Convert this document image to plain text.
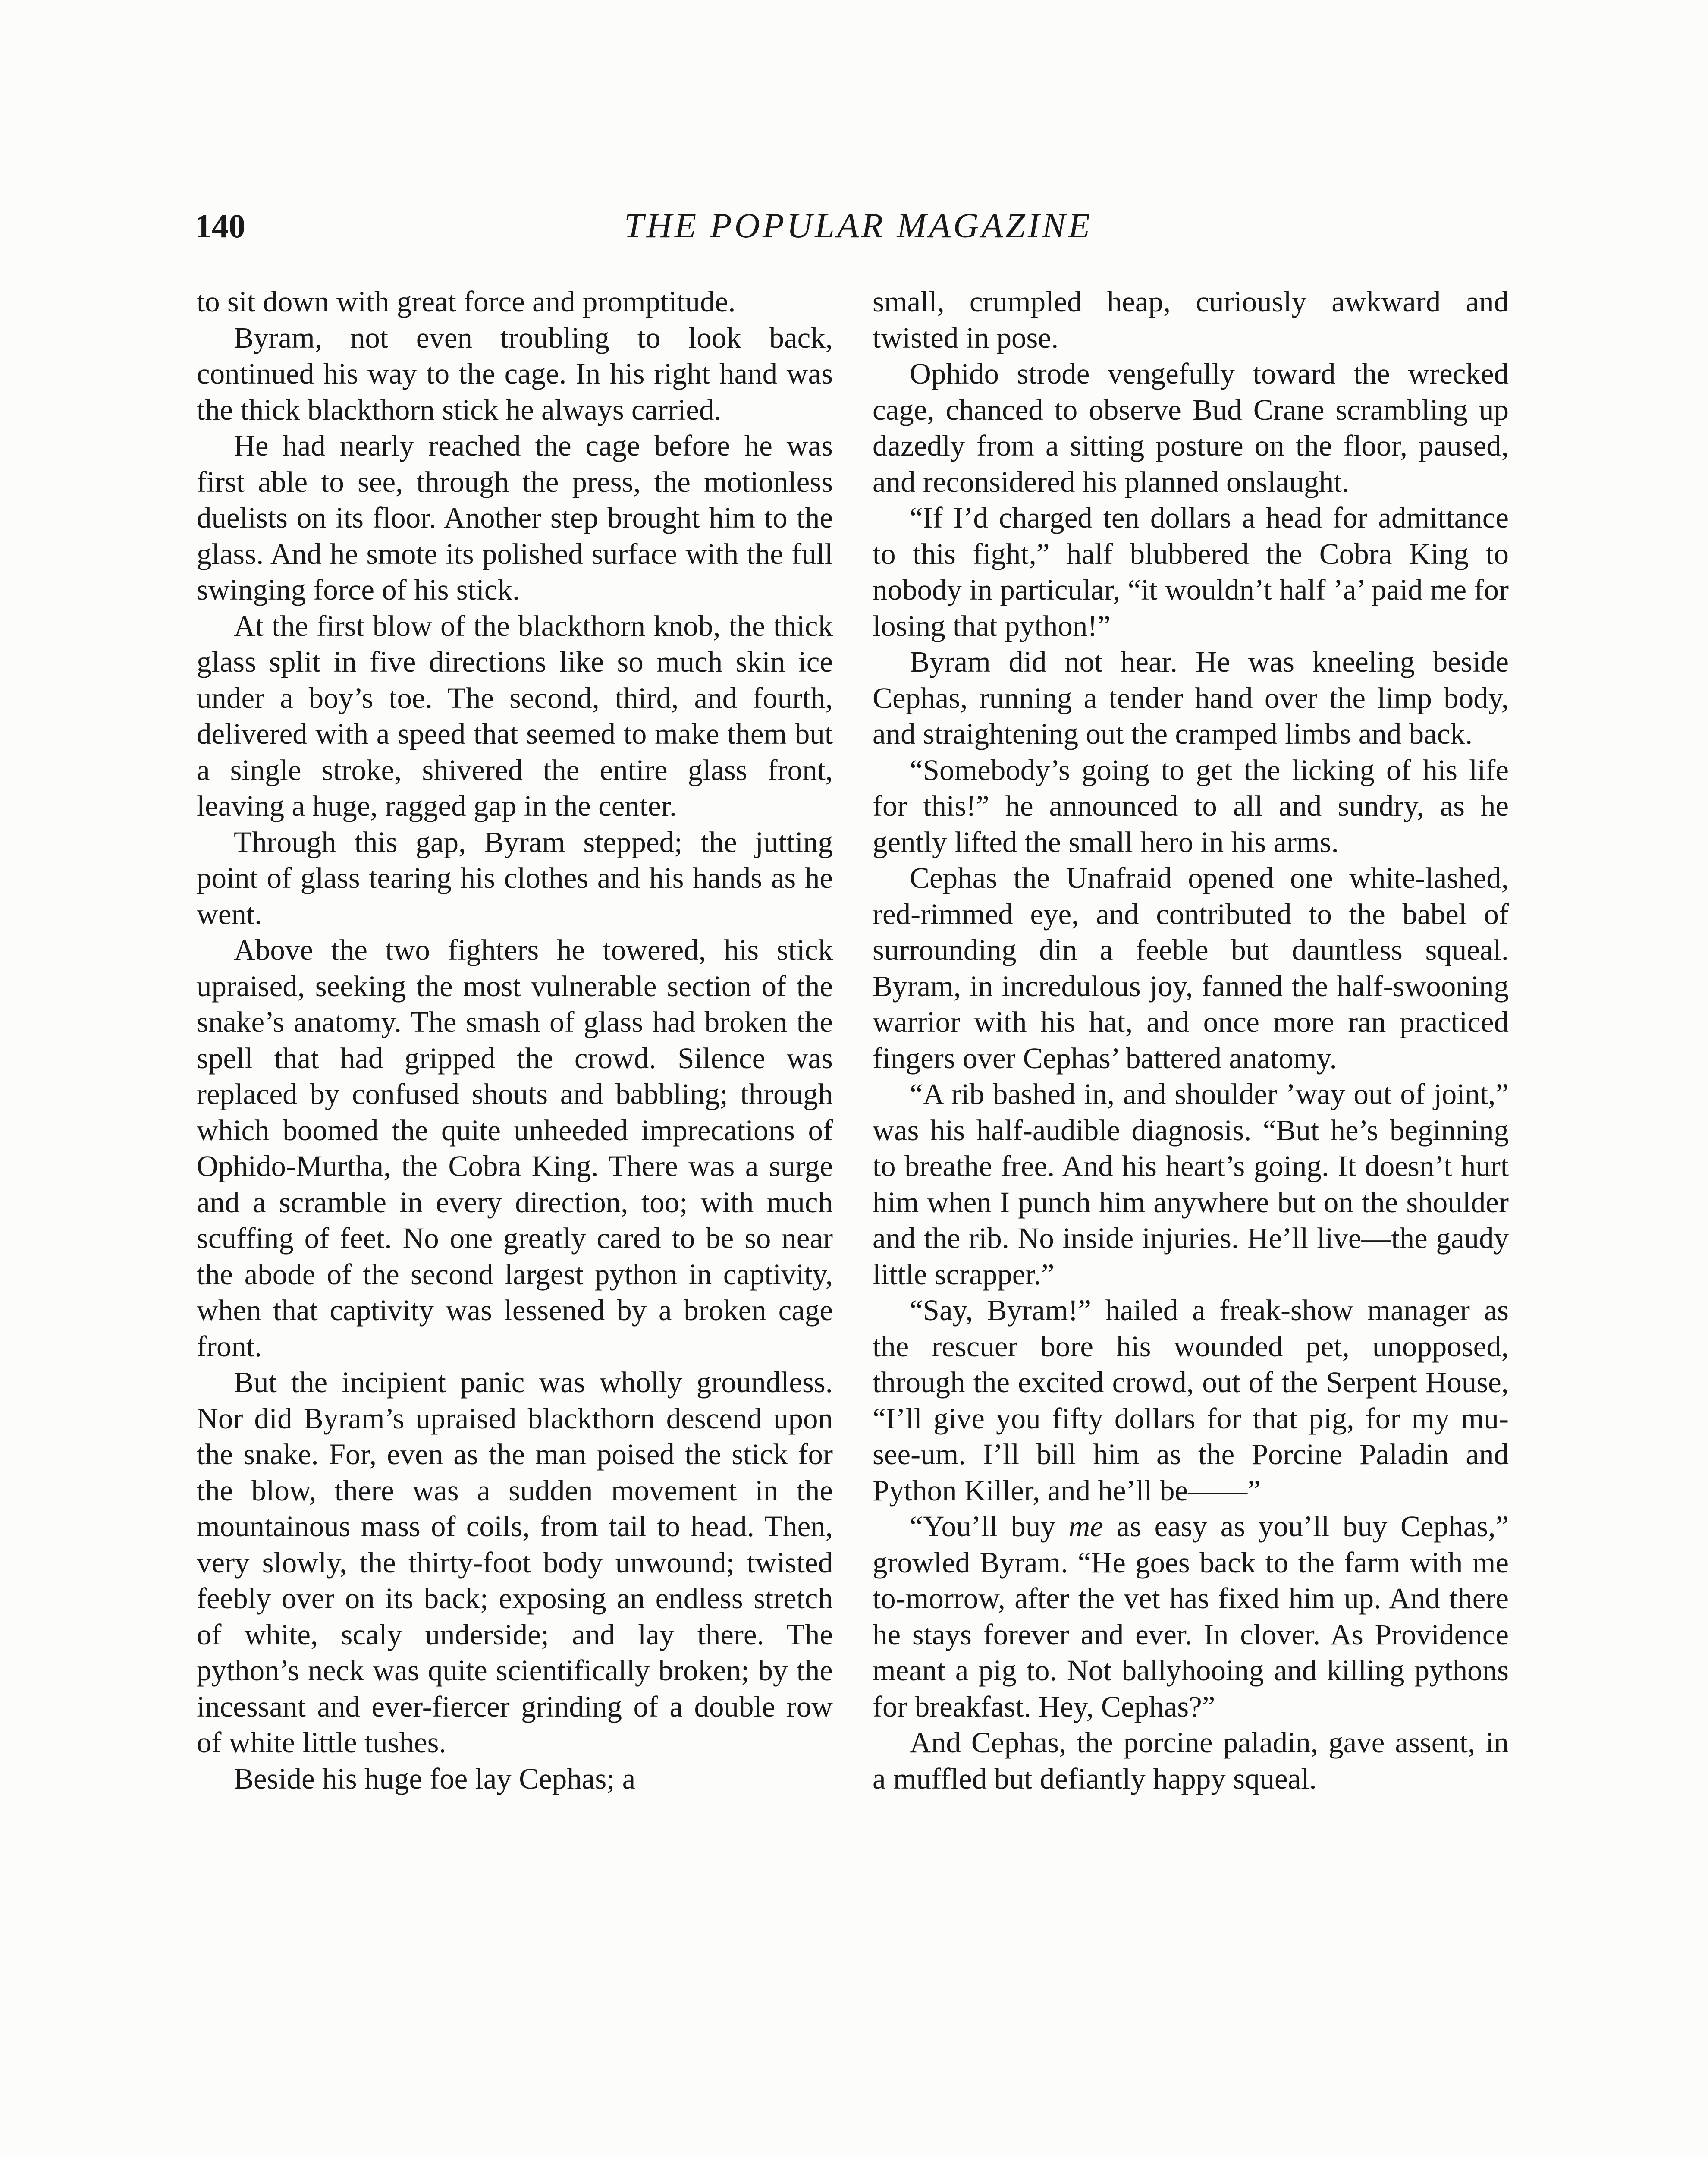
140	THE POPULAR MAGAZINE

to sit down with great force and promptitude.

Byram, not even troubling to look back, continued his way to the cage. In his right hand was the thick blackthorn stick he always carried.

He had nearly reached the cage before he was first able to see, through the press, the motionless duelists on its floor. Another step brought him to the glass. And he smote its polished surface with the full swinging force of his stick.

At the first blow of the blackthorn knob, the thick glass split in five directions like so much skin ice under a boy’s toe. The second, third, and fourth, delivered with a speed that seemed to make them but a single stroke, shivered the entire glass front, leaving a huge, ragged gap in the center.

Through this gap, Byram stepped; the jutting point of glass tearing his clothes and his hands as he went.

Above the two fighters he towered, his stick upraised, seeking the most vulnerable section of the snake’s anatomy. The smash of glass had broken the spell that had gripped the crowd. Silence was replaced by confused shouts and babbling; through which boomed the quite unheeded imprecations of Ophido-Murtha, the Cobra King. There was a surge and a scramble in every direction, too; with much scuffing of feet. No one greatly cared to be so near the abode of the second largest python in captivity, when that captivity was lessened by a broken cage front.

But the incipient panic was wholly groundless. Nor did Byram’s upraised blackthorn descend upon the snake. For, even as the man poised the stick for the blow, there was a sudden movement in the mountainous mass of coils, from tail to head. Then, very slowly, the thirty-foot body unwound; twisted feebly over on its back; exposing an endless stretch of white, scaly underside; and lay there. The python’s neck was quite scientifically broken; by the incessant and ever-fiercer grinding of a double row of white little tushes.

Beside his huge foe lay Cephas; a

small, crumpled heap, curiously awkward and twisted in pose.

Ophido strode vengefully toward the wrecked cage, chanced to observe Bud Crane scrambling up dazedly from a sitting posture on the floor, paused, and reconsidered his planned onslaught.

“If I’d charged ten dollars a head for admittance to this fight,” half blubbered the Cobra King to nobody in particular, “it wouldn’t half ’a’ paid me for losing that python!”

Byram did not hear. He was kneeling beside Cephas, running a tender hand over the limp body, and straightening out the cramped limbs and back.

“Somebody’s going to get the licking of his life for this!” he announced to all and sundry, as he gently lifted the small hero in his arms.

Cephas the Unafraid opened one white-lashed, red-rimmed eye, and contributed to the babel of surrounding din a feeble but dauntless squeal. Byram, in incredulous joy, fanned the half-swooning warrior with his hat, and once more ran practiced fingers over Cephas’ battered anatomy.

“A rib bashed in, and shoulder ’way out of joint,” was his half-audible diagnosis. “But he’s beginning to breathe free. And his heart’s going. It doesn’t hurt him when I punch him anywhere but on the shoulder and the rib. No inside injuries. He’ll live—the gaudy little scrapper.”

“Say, Byram!” hailed a freak-show manager as the rescuer bore his wounded pet, unopposed, through the excited crowd, out of the Serpent House, “I’ll give you fifty dollars for that pig, for my mu-see-um. I’ll bill him as the Porcine Paladin and Python Killer, and he’ll be——”

“You’ll buy me as easy as you’ll buy Cephas,” growled Byram. “He goes back to the farm with me to-morrow, after the vet has fixed him up. And there he stays forever and ever. In clover. As Providence meant a pig to. Not ballyhooing and killing pythons for breakfast. Hey, Cephas?”

And Cephas, the porcine paladin, gave assent, in a muffled but defiantly happy squeal.
